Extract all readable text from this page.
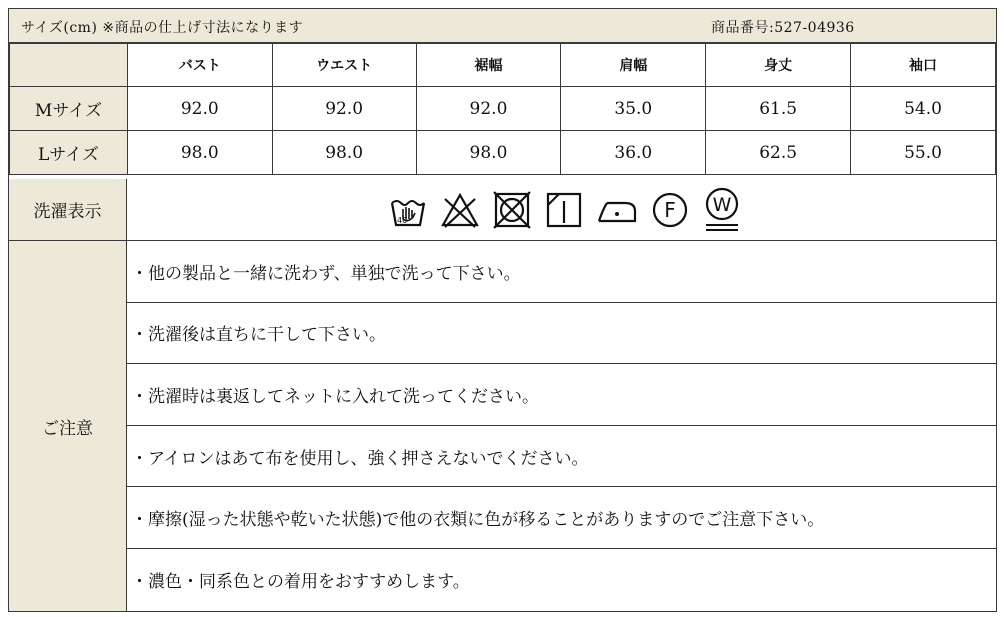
サイズ(cm) ※商品の仕上げ寸法になります	商品番号:527-04936
	バスト	ウエスト	裾幅	肩幅	身丈	袖口
Mサイズ	92.0	92.0	92.0	35.0	61.5	54.0
Lサイズ	98.0	98.0	98.0	36.0	62.5	55.0
洗濯表示	40	F W
ご注意
・他の製品と一緒に洗わず、単独で洗って下さい。
・洗濯後は直ちに干して下さい。
・洗濯時は裏返してネットに入れて洗ってください。
・アイロンはあて布を使用し、強く押さえないでください。
・摩擦(湿った状態や乾いた状態)で他の衣類に色が移ることがありますのでご注意下さい。
・濃色・同系色との着用をおすすめします。
